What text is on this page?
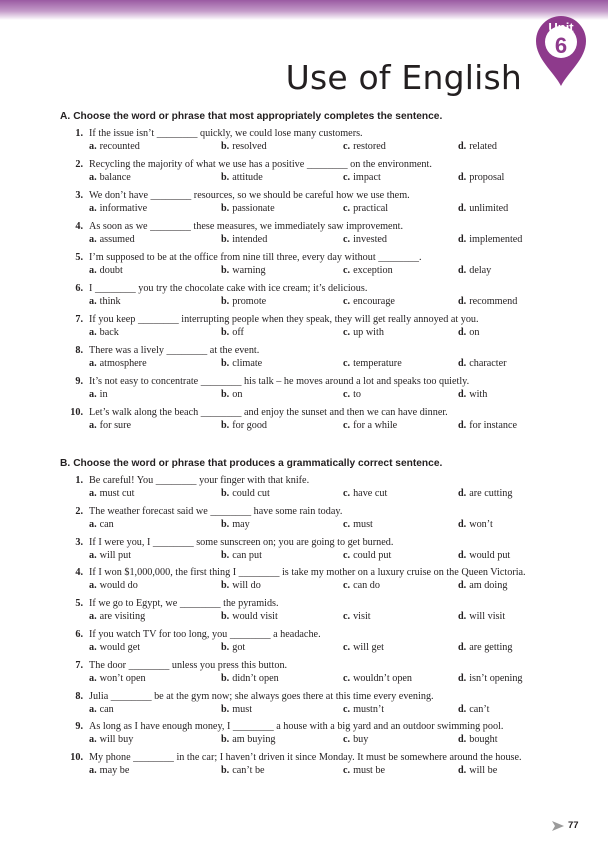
Use of English
Unit
6
A. Choose the word or phrase that most appropriately completes the sentence.
1. If the issue isn’t ________ quickly, we could lose many customers.
a. recounted	b. resolved	c. restored	d. related
2. Recycling the majority of what we use has a positive ________ on the environment.
a. balance	b. attitude	c. impact	d. proposal
3. We don’t have ________ resources, so we should be careful how we use them.
a. informative	b. passionate	c. practical	d. unlimited
4. As soon as we ________ these measures, we immediately saw improvement.
a. assumed	b. intended	c. invested	d. implemented
5. I’m supposed to be at the office from nine till three, every day without ________.
a. doubt	b. warning	c. exception	d. delay
6. I ________ you try the chocolate cake with ice cream; it’s delicious.
a. think	b. promote	c. encourage	d. recommend
7. If you keep ________ interrupting people when they speak, they will get really annoyed at you.
a. back	b. off	c. up with	d. on
8. There was a lively ________ at the event.
a. atmosphere	b. climate	c. temperature	d. character
9. It’s not easy to concentrate ________ his talk – he moves around a lot and speaks too quietly.
a. in	b. on	c. to	d. with
10. Let’s walk along the beach ________ and enjoy the sunset and then we can have dinner.
a. for sure	b. for good	c. for a while	d. for instance
B. Choose the word or phrase that produces a grammatically correct sentence.
1. Be careful! You ________ your finger with that knife.
a. must cut	b. could cut	c. have cut	d. are cutting
2. The weather forecast said we ________ have some rain today.
a. can	b. may	c. must	d. won’t
3. If I were you, I ________ some sunscreen on; you are going to get burned.
a. will put	b. can put	c. could put	d. would put
4. If I won $1,000,000, the first thing I ________ is take my mother on a luxury cruise on the Queen Victoria.
a. would do	b. will do	c. can do	d. am doing
5. If we go to Egypt, we ________ the pyramids.
a. are visiting	b. would visit	c. visit	d. will visit
6. If you watch TV for too long, you ________ a headache.
a. would get	b. got	c. will get	d. are getting
7. The door ________ unless you press this button.
a. won’t open	b. didn’t open	c. wouldn’t open	d. isn’t opening
8. Julia ________ be at the gym now; she always goes there at this time every evening.
a. can	b. must	c. mustn’t	d. can’t
9. As long as I have enough money, I ________ a house with a big yard and an outdoor swimming pool.
a. will buy	b. am buying	c. buy	d. bought
10. My phone ________ in the car; I haven’t driven it since Monday. It must be somewhere around the house.
a. may be	b. can’t be	c. must be	d. will be
77
